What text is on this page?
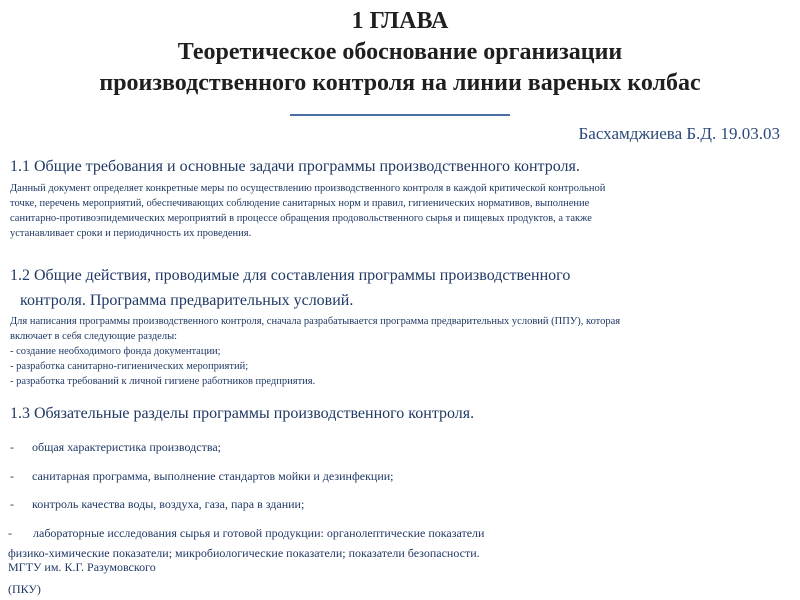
1 ГЛАВА
Теоретическое обоснование организации
производственного контроля на линии вареных колбас
Басхамджиева Б.Д. 19.03.03
1.1 Общие требования и основные задачи программы производственного контроля.
Данный документ определяет конкретные меры по осуществлению производственного контроля в каждой критической контрольной
точке, перечень мероприятий, обеспечивающих соблюдение санитарных норм и правил, гигиенических нормативов, выполнение
санитарно-противоэпидемических мероприятий в процессе обращения продовольственного сырья и пищевых продуктов, а также
устанавливает сроки и периодичность их проведения.
1.2 Общие действия, проводимые для составления программы производственного
контроля. Программа предварительных условий.
Для написания программы производственного контроля, сначала разрабатывается программа предварительных условий (ППУ), которая
включает в себя следующие разделы:
- создание необходимого фонда документации;
- разработка санитарно-гигиенических мероприятий;
- разработка требований к личной гигиене работников предприятия.
1.3 Обязательные разделы программы производственного контроля.
- общая характеристика производства;
- санитарная программа, выполнение стандартов мойки и дезинфекции;
- контроль качества воды, воздуха, газа, пара в здании;
- лабораторные исследования сырья и готовой продукции: органолептические показатели
физико-химические показатели; микробиологические показатели; показатели безопасности.
МГТУ им. К.Г. Разумовского
(ПКУ)
